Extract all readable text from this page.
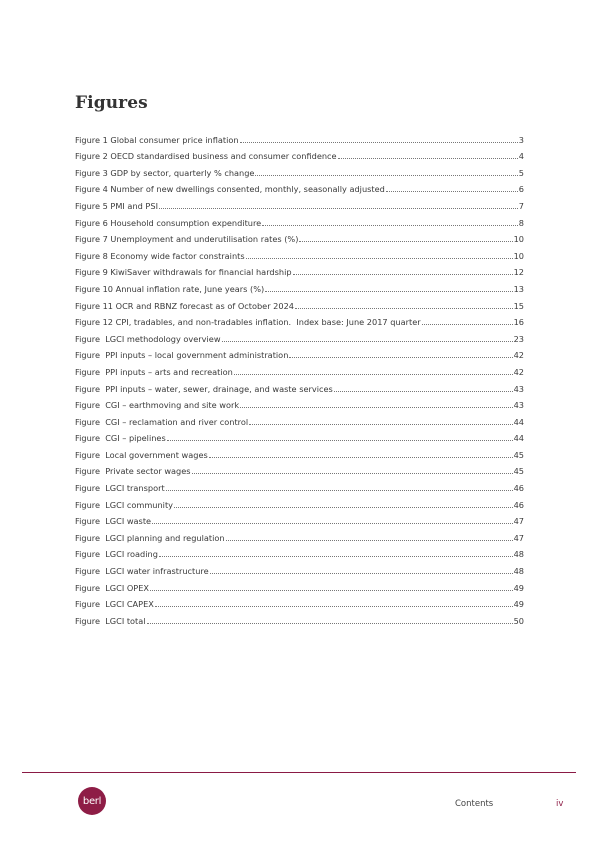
Figures
Figure 1 Global consumer price inflation	3
Figure 2 OECD standardised business and consumer confidence	4
Figure 3 GDP by sector, quarterly % change	5
Figure 4 Number of new dwellings consented, monthly, seasonally adjusted	6
Figure 5 PMI and PSI	7
Figure 6 Household consumption expenditure	8
Figure 7 Unemployment and underutilisation rates (%)	10
Figure 8 Economy wide factor constraints	10
Figure 9 KiwiSaver withdrawals for financial hardship	12
Figure 10 Annual inflation rate, June years (%)	13
Figure 11 OCR and RBNZ forecast as of October 2024	15
Figure 12 CPI, tradables, and non-tradables inflation.  Index base: June 2017 quarter	16
Figure  LGCI methodology overview	23
Figure  PPI inputs – local government administration	42
Figure  PPI inputs – arts and recreation	42
Figure  PPI inputs – water, sewer, drainage, and waste services	43
Figure  CGI – earthmoving and site work	43
Figure  CGI – reclamation and river control	44
Figure  CGI – pipelines	44
Figure  Local government wages	45
Figure  Private sector wages	45
Figure  LGCI transport	46
Figure  LGCI community	46
Figure  LGCI waste	47
Figure  LGCI planning and regulation	47
Figure  LGCI roading	48
Figure  LGCI water infrastructure	48
Figure  LGCI OPEX	49
Figure  LGCI CAPEX	49
Figure  LGCI total	50
berl	Contents	iv
